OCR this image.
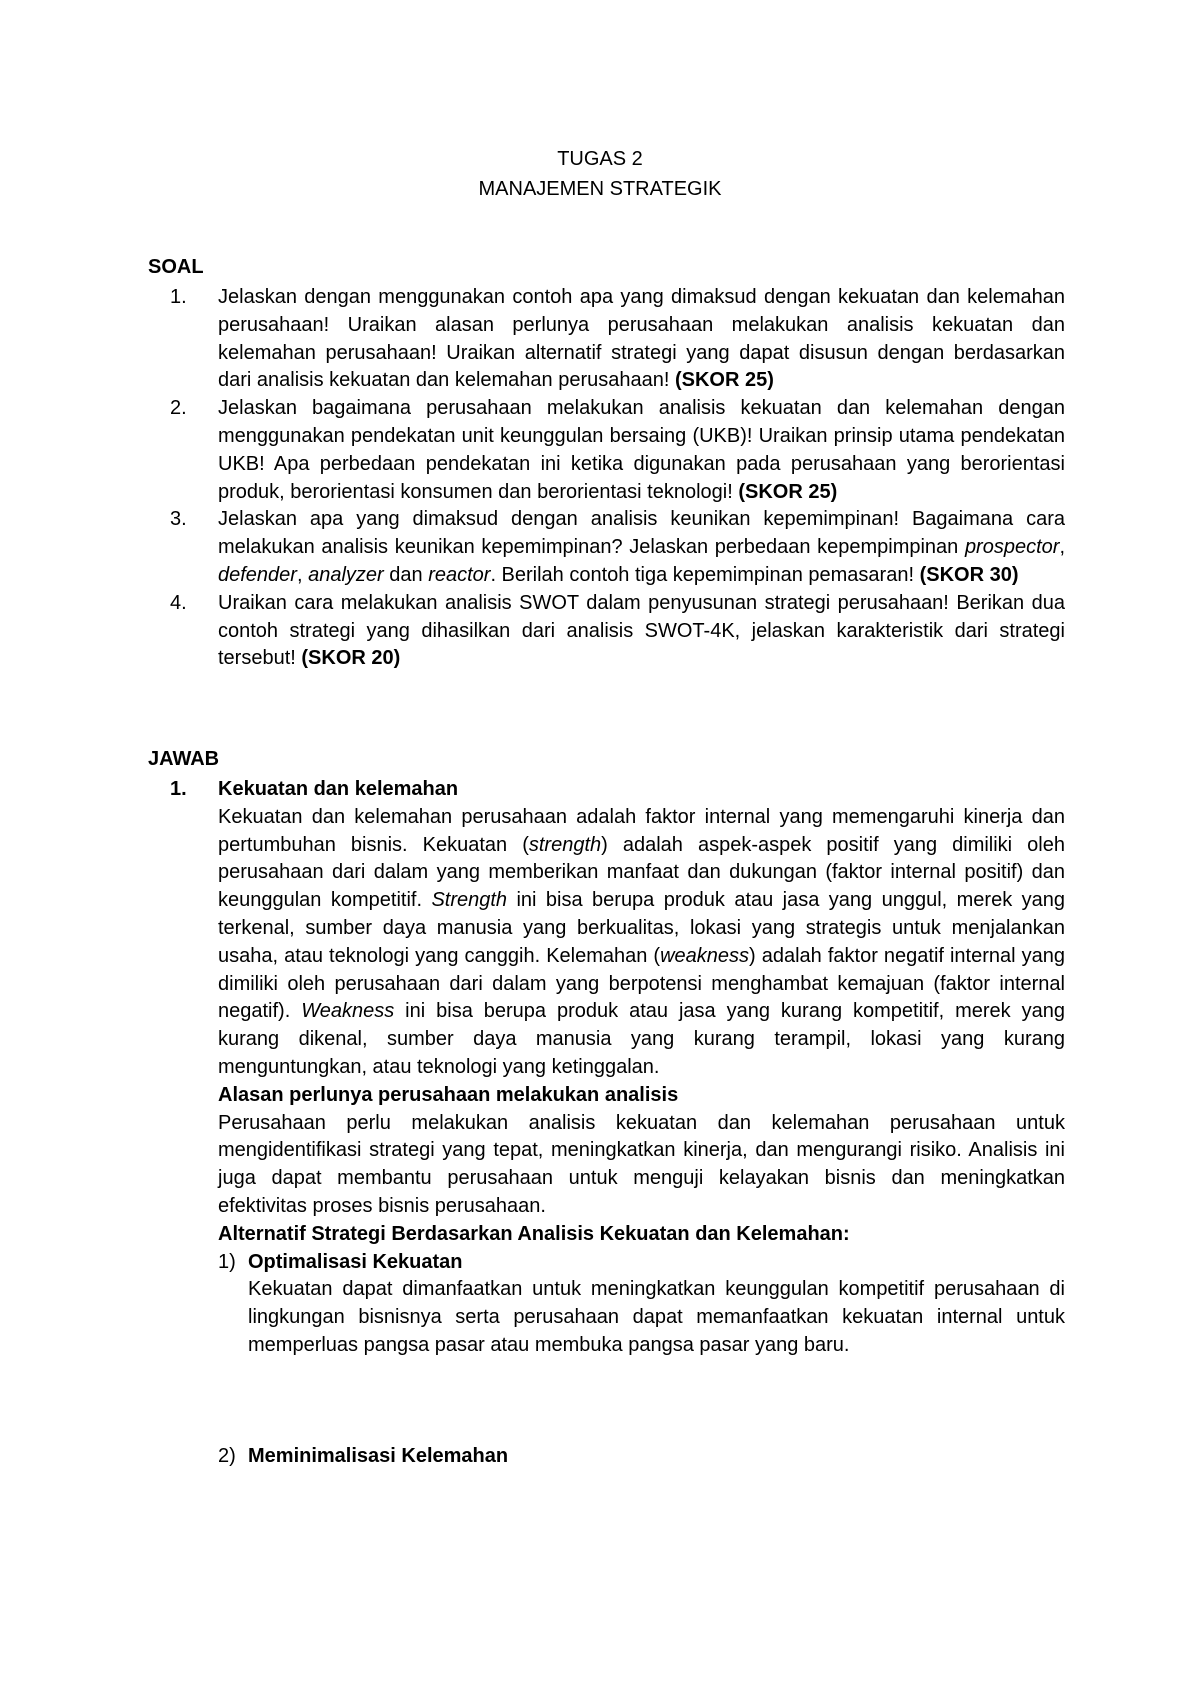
TUGAS 2
MANAJEMEN STRATEGIK

SOAL

1. Jelaskan dengan menggunakan contoh apa yang dimaksud dengan kekuatan dan kelemahan perusahaan! Uraikan alasan perlunya perusahaan melakukan analisis kekuatan dan kelemahan perusahaan! Uraikan alternatif strategi yang dapat disusun dengan berdasarkan dari analisis kekuatan dan kelemahan perusahaan! (SKOR 25)

2. Jelaskan bagaimana perusahaan melakukan analisis kekuatan dan kelemahan dengan menggunakan pendekatan unit keunggulan bersaing (UKB)! Uraikan prinsip utama pendekatan UKB! Apa perbedaan pendekatan ini ketika digunakan pada perusahaan yang berorientasi produk, berorientasi konsumen dan berorientasi teknologi! (SKOR 25)

3. Jelaskan apa yang dimaksud dengan analisis keunikan kepemimpinan! Bagaimana cara melakukan analisis keunikan kepemimpinan? Jelaskan perbedaan kepempimpinan prospector, defender, analyzer dan reactor. Berilah contoh tiga kepemimpinan pemasaran! (SKOR 30)

4. Uraikan cara melakukan analisis SWOT dalam penyusunan strategi perusahaan! Berikan dua contoh strategi yang dihasilkan dari analisis SWOT-4K, jelaskan karakteristik dari strategi tersebut! (SKOR 20)

JAWAB

1. Kekuatan dan kelemahan

Kekuatan dan kelemahan perusahaan adalah faktor internal yang memengaruhi kinerja dan pertumbuhan bisnis. Kekuatan (strength) adalah aspek-aspek positif yang dimiliki oleh perusahaan dari dalam yang memberikan manfaat dan dukungan (faktor internal positif) dan keunggulan kompetitif. Strength ini bisa berupa produk atau jasa yang unggul, merek yang terkenal, sumber daya manusia yang berkualitas, lokasi yang strategis untuk menjalankan usaha, atau teknologi yang canggih. Kelemahan (weakness) adalah faktor negatif internal yang dimiliki oleh perusahaan dari dalam yang berpotensi menghambat kemajuan (faktor internal negatif). Weakness ini bisa berupa produk atau jasa yang kurang kompetitif, merek yang kurang dikenal, sumber daya manusia yang kurang terampil, lokasi yang kurang menguntungkan, atau teknologi yang ketinggalan.

Alasan perlunya perusahaan melakukan analisis

Perusahaan perlu melakukan analisis kekuatan dan kelemahan perusahaan untuk mengidentifikasi strategi yang tepat, meningkatkan kinerja, dan mengurangi risiko. Analisis ini juga dapat membantu perusahaan untuk menguji kelayakan bisnis dan meningkatkan efektivitas proses bisnis perusahaan.

Alternatif Strategi Berdasarkan Analisis Kekuatan dan Kelemahan:

1) Optimalisasi Kekuatan

Kekuatan dapat dimanfaatkan untuk meningkatkan keunggulan kompetitif perusahaan di lingkungan bisnisnya serta perusahaan dapat memanfaatkan kekuatan internal untuk memperluas pangsa pasar atau membuka pangsa pasar yang baru.

2) Meminimalisasi Kelemahan
